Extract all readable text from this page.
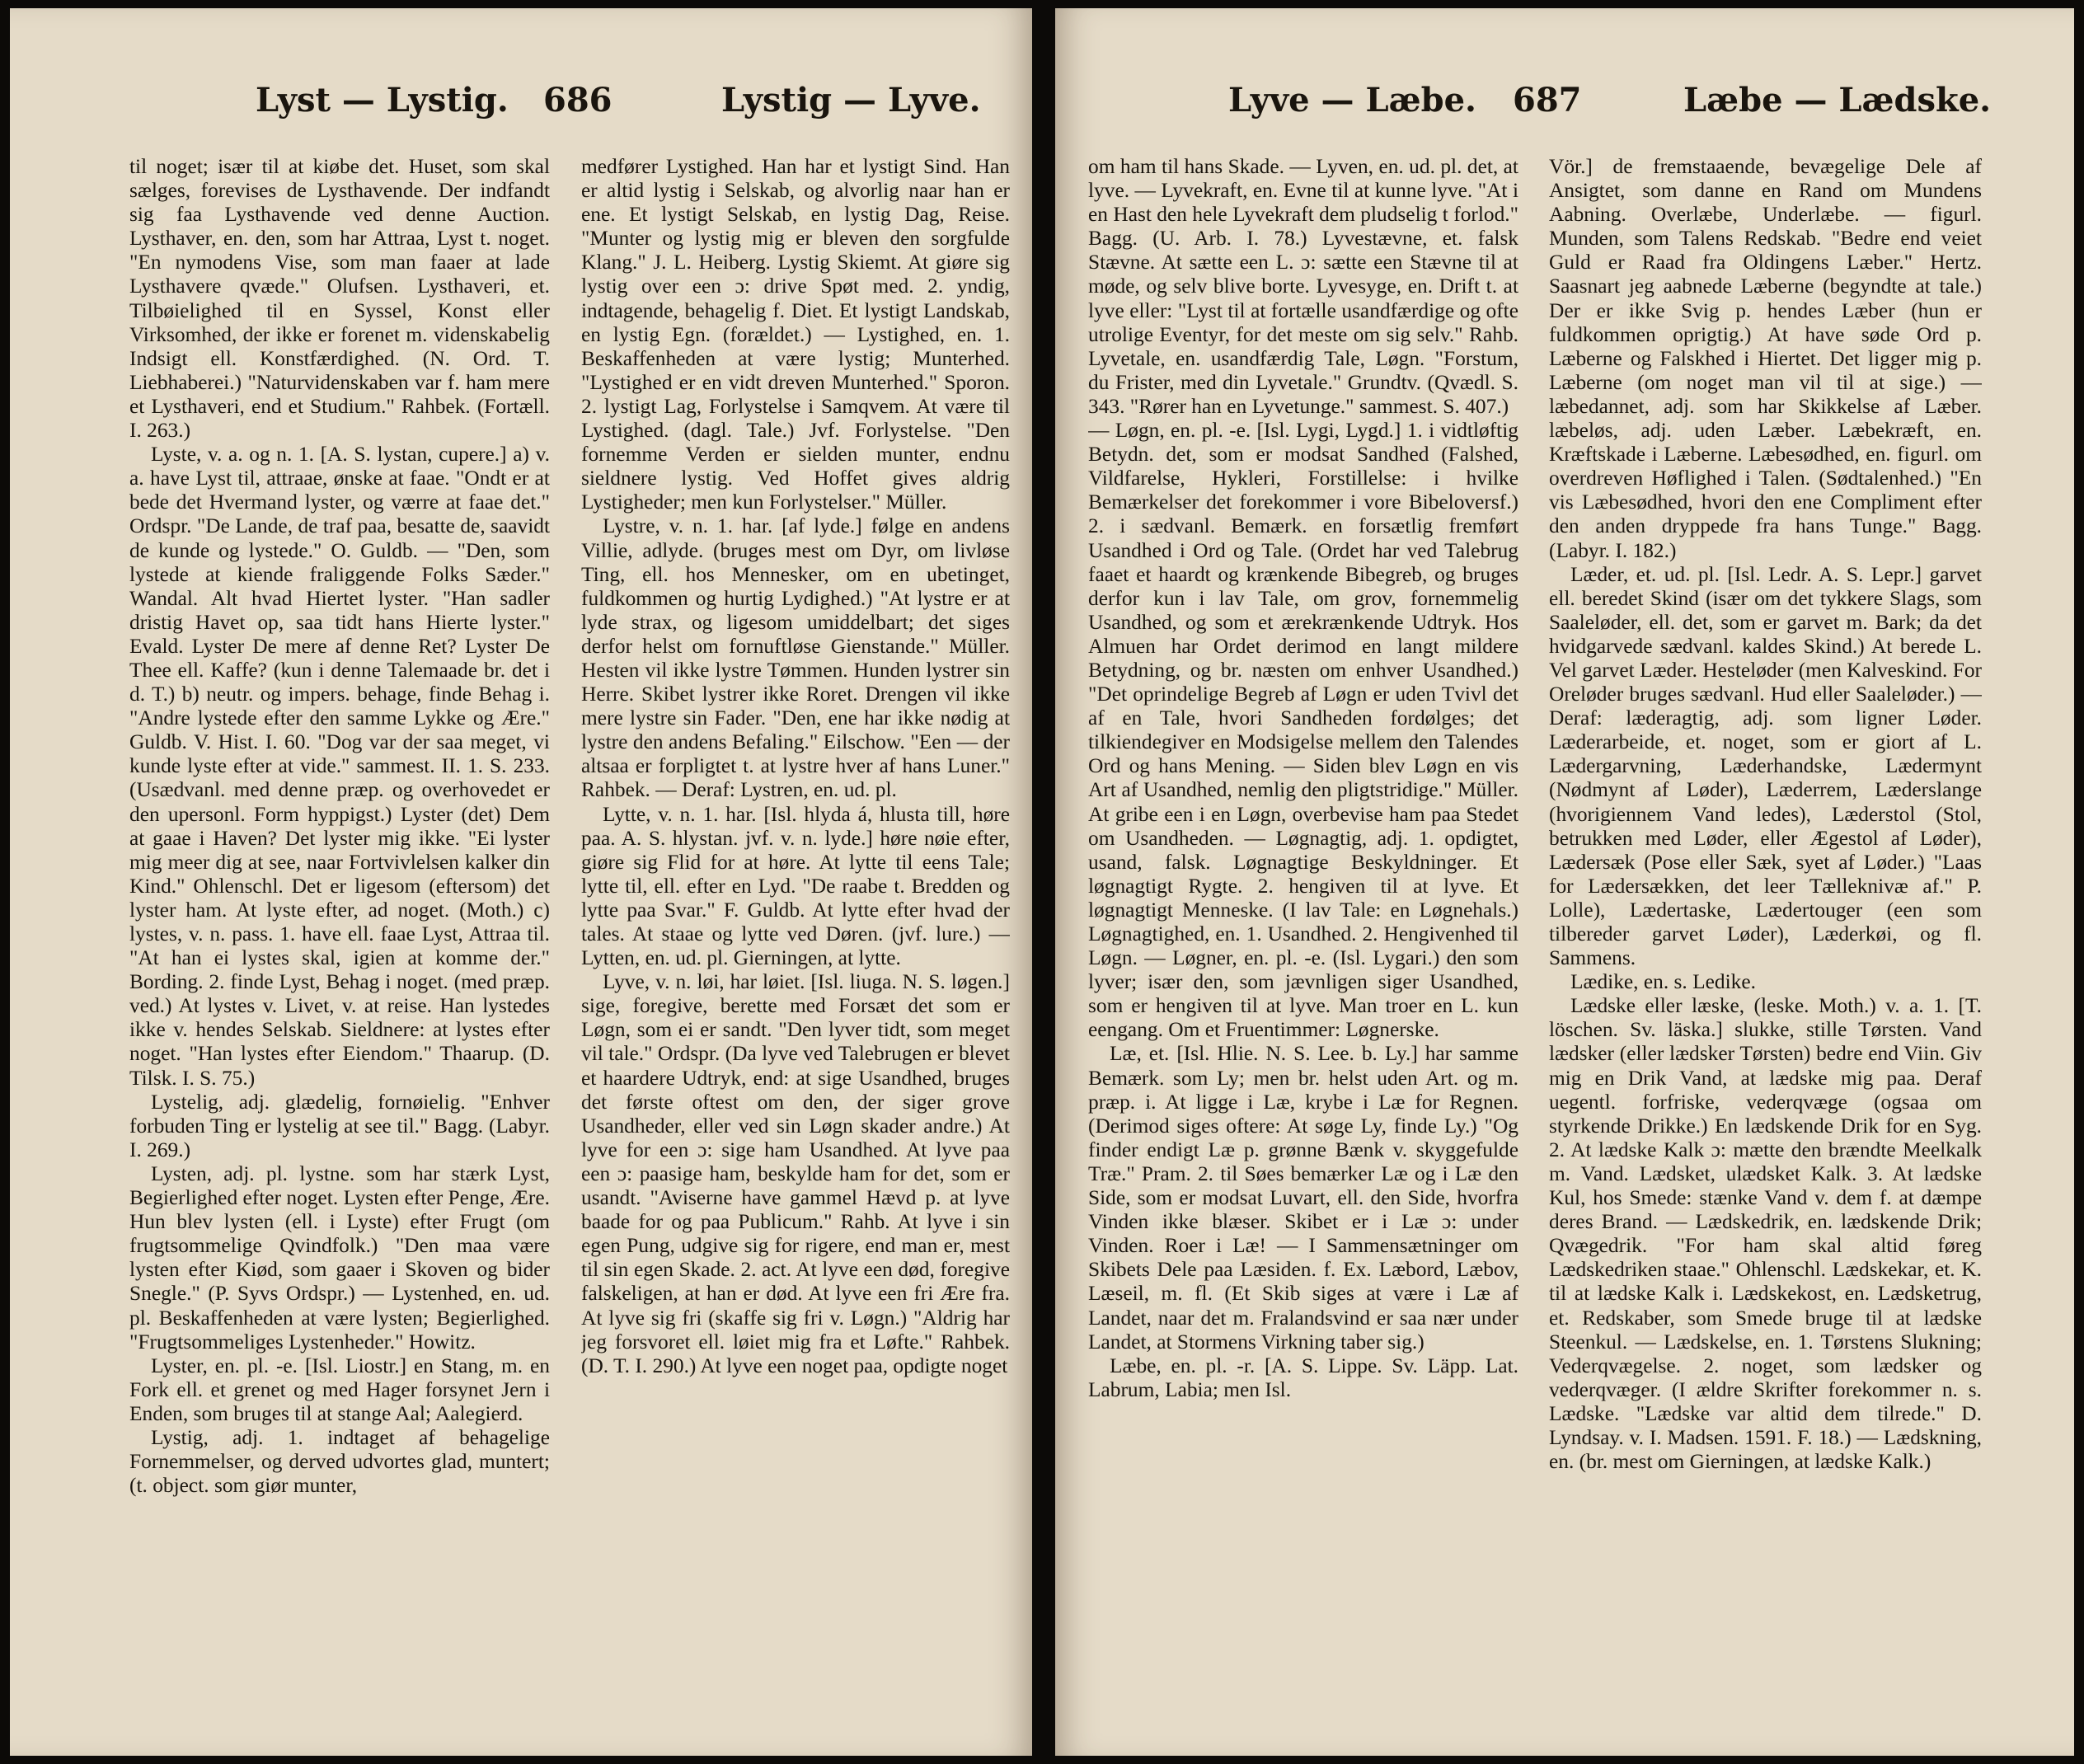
Lyst — Lystig. 686	Lystig — Lyve.

til noget; især til at kiøbe det. Huset, som skal sælges, forevises de Lysthavende. Der indfandt sig faa Lysthavende ved denne Auction. Lysthaver, en. den, som har Attraa, Lyst t. noget. "En nymodens Vise, som man faaer at lade Lysthavere qvæde." Olufsen. Lysthaveri, et. Tilbøielighed til en Syssel, Konst eller Virksomhed, der ikke er forenet m. videnskabelig Indsigt ell. Konstfærdighed. (N. Ord. T. Liebhaberei.) "Naturvidenskaben var f. ham mere et Lysthaveri, end et Studium." Rahbek. (Fortæll. I. 263.)

Lyste, v. a. og n. 1. [A. S. lystan, cupere.] a) v. a. have Lyst til, attraae, ønske at faae. "Ondt er at bede det Hvermand lyster, og værre at faae det." Ordspr. "De Lande, de traf paa, besatte de, saavidt de kunde og lystede." O. Guldb. — "Den, som lystede at kiende fraliggende Folks Sæder." Wandal. Alt hvad Hiertet lyster. "Han sadler dristig Havet op, saa tidt hans Hierte lyster." Evald. Lyster De mere af denne Ret? Lyster De Thee ell. Kaffe? (kun i denne Talemaade br. det i d. T.) b) neutr. og impers. behage, finde Behag i. "Andre lystede efter den samme Lykke og Ære." Guldb. V. Hist. I. 60. "Dog var der saa meget, vi kunde lyste efter at vide." sammest. II. 1. S. 233. (Usædvanl. med denne præp. og overhovedet er den upersonl. Form hyppigst.) Lyster (det) Dem at gaae i Haven? Det lyster mig ikke. "Ei lyster mig meer dig at see, naar Fortvivlelsen kalker din Kind." Ohlenschl. Det er ligesom (eftersom) det lyster ham. At lyste efter, ad noget. (Moth.) c) lystes, v. n. pass. 1. have ell. faae Lyst, Attraa til. "At han ei lystes skal, igien at komme der." Bording. 2. finde Lyst, Behag i noget. (med præp. ved.) At lystes v. Livet, v. at reise. Han lystedes ikke v. hendes Selskab. Sieldnere: at lystes efter noget. "Han lystes efter Eiendom." Thaarup. (D. Tilsk. I. S. 75.)

Lystelig, adj. glædelig, fornøielig. "Enhver forbuden Ting er lystelig at see til." Bagg. (Labyr. I. 269.)

Lysten, adj. pl. lystne. som har stærk Lyst, Begierlighed efter noget. Lysten efter Penge, Ære. Hun blev lysten (ell. i Lyste) efter Frugt (om frugtsommelige Qvindfolk.) "Den maa være lysten efter Kiød, som gaaer i Skoven og bider Snegle." (P. Syvs Ordspr.) — Lystenhed, en. ud. pl. Beskaffenheden at være lysten; Begierlighed. "Frugtsommeliges Lystenheder." Howitz.

Lyster, en. pl. -e. [Isl. Liostr.] en Stang, m. en Fork ell. et grenet og med Hager forsynet Jern i Enden, som bruges til at stange Aal; Aalegierd.

Lystig, adj. 1. indtaget af behagelige Fornemmelser, og derved udvortes glad, muntert; (t. object. som giør munter,

medfører Lystighed. Han har et lystigt Sind. Han er altid lystig i Selskab, og alvorlig naar han er ene. Et lystigt Selskab, en lystig Dag, Reise. "Munter og lystig mig er bleven den sorgfulde Klang." J. L. Heiberg. Lystig Skiemt. At giøre sig lystig over een ɔ: drive Spøt med. 2. yndig, indtagende, behagelig f. Diet. Et lystigt Landskab, en lystig Egn. (forældet.) — Lystighed, en. 1. Beskaffenheden at være lystig; Munterhed. "Lystighed er en vidt dreven Munterhed." Sporon. 2. lystigt Lag, Forlystelse i Samqvem. At være til Lystighed. (dagl. Tale.) Jvf. Forlystelse. "Den fornemme Verden er sielden munter, endnu sieldnere lystig. Ved Hoffet gives aldrig Lystigheder; men kun Forlystelser." Müller.

Lystre, v. n. 1. har. [af lyde.] følge en andens Villie, adlyde. (bruges mest om Dyr, om livløse Ting, ell. hos Mennesker, om en ubetinget, fuldkommen og hurtig Lydighed.) "At lystre er at lyde strax, og ligesom umiddelbart; det siges derfor helst om fornuftløse Gienstande." Müller. Hesten vil ikke lystre Tømmen. Hunden lystrer sin Herre. Skibet lystrer ikke Roret. Drengen vil ikke mere lystre sin Fader. "Den, ene har ikke nødig at lystre den andens Befaling." Eilschow. "Een — der altsaa er forpligtet t. at lystre hver af hans Luner." Rahbek. — Deraf: Lystren, en. ud. pl.

Lytte, v. n. 1. har. [Isl. hlyda á, hlusta till, høre paa. A. S. hlystan. jvf. v. n. lyde.] høre nøie efter, giøre sig Flid for at høre. At lytte til eens Tale; lytte til, ell. efter en Lyd. "De raabe t. Bredden og lytte paa Svar." F. Guldb. At lytte efter hvad der tales. At staae og lytte ved Døren. (jvf. lure.) — Lytten, en. ud. pl. Gierningen, at lytte.

Lyve, v. n. løi, har løiet. [Isl. liuga. N. S. løgen.] sige, foregive, berette med Forsæt det som er Løgn, som ei er sandt. "Den lyver tidt, som meget vil tale." Ordspr. (Da lyve ved Talebrugen er blevet et haardere Udtryk, end: at sige Usandhed, bruges det første oftest om den, der siger grove Usandheder, eller ved sin Løgn skader andre.) At lyve for een ɔ: sige ham Usandhed. At lyve paa een ɔ: paasige ham, beskylde ham for det, som er usandt. "Aviserne have gammel Hævd p. at lyve baade for og paa Publicum." Rahb. At lyve i sin egen Pung, udgive sig for rigere, end man er, mest til sin egen Skade. 2. act. At lyve een død, foregive falskeligen, at han er død. At lyve een fri Ære fra. At lyve sig fri (skaffe sig fri v. Løgn.) "Aldrig har jeg forsvoret ell. løiet mig fra et Løfte." Rahbek. (D. T. I. 290.) At lyve een noget paa, opdigte noget

Lyve — Læbe. 687	Læbe — Lædske.

om ham til hans Skade. — Lyven, en. ud. pl. det, at lyve. — Lyvekraft, en. Evne til at kunne lyve. "At i en Hast den hele Lyvekraft dem pludselig t forlod." Bagg. (U. Arb. I. 78.) Lyvestævne, et. falsk Stævne. At sætte een L. ɔ: sætte een Stævne til at møde, og selv blive borte. Lyvesyge, en. Drift t. at lyve eller: "Lyst til at fortælle usandfærdige og ofte utrolige Eventyr, for det meste om sig selv." Rahb. Lyvetale, en. usandfærdig Tale, Løgn. "Forstum, du Frister, med din Lyvetale." Grundtv. (Qvædl. S. 343. "Rører han en Lyvetunge." sammest. S. 407.)

— Løgn, en. pl. -e. [Isl. Lygi, Lygd.] 1. i vidtløftig Betydn. det, som er modsat Sandhed (Falshed, Vildfarelse, Hykleri, Forstillelse: i hvilke Bemærkelser det forekommer i vore Bibeloversf.) 2. i sædvanl. Bemærk. en forsætlig fremført Usandhed i Ord og Tale. (Ordet har ved Talebrug faaet et haardt og krænkende Bibegreb, og bruges derfor kun i lav Tale, om grov, fornemmelig Usandhed, og som et ærekrænkende Udtryk. Hos Almuen har Ordet derimod en langt mildere Betydning, og br. næsten om enhver Usandhed.) "Det oprindelige Begreb af Løgn er uden Tvivl det af en Tale, hvori Sandheden fordølges; det tilkiendegiver en Modsigelse mellem den Talendes Ord og hans Mening. — Siden blev Løgn en vis Art af Usandhed, nemlig den pligtstridige." Müller. At gribe een i en Løgn, overbevise ham paa Stedet om Usandheden. — Løgnagtig, adj. 1. opdigtet, usand, falsk. Løgnagtige Beskyldninger. Et løgnagtigt Rygte. 2. hengiven til at lyve. Et løgnagtigt Menneske. (I lav Tale: en Løgnehals.) Løgnagtighed, en. 1. Usandhed. 2. Hengivenhed til Løgn. — Løgner, en. pl. -e. (Isl. Lygari.) den som lyver; især den, som jævnligen siger Usandhed, som er hengiven til at lyve. Man troer en L. kun eengang. Om et Fruentimmer: Løgnerske.

Læ, et. [Isl. Hlie. N. S. Lee. b. Ly.] har samme Bemærk. som Ly; men br. helst uden Art. og m. præp. i. At ligge i Læ, krybe i Læ for Regnen. (Derimod siges oftere: At søge Ly, finde Ly.) "Og finder endigt Læ p. grønne Bænk v. skyggefulde Træ." Pram. 2. til Søes bemærker Læ og i Læ den Side, som er modsat Luvart, ell. den Side, hvorfra Vinden ikke blæser. Skibet er i Læ ɔ: under Vinden. Roer i Læ! — I Sammensætninger om Skibets Dele paa Læsiden. f. Ex. Læbord, Læbov, Læseil, m. fl. (Et Skib siges at være i Læ af Landet, naar det m. Fralandsvind er saa nær under Landet, at Stormens Virkning taber sig.)

Læbe, en. pl. -r. [A. S. Lippe. Sv. Läpp. Lat. Labrum, Labia; men Isl.

Vör.] de fremstaaende, bevægelige Dele af Ansigtet, som danne en Rand om Mundens Aabning. Overlæbe, Underlæbe. — figurl. Munden, som Talens Redskab. "Bedre end veiet Guld er Raad fra Oldingens Læber." Hertz. Saasnart jeg aabnede Læberne (begyndte at tale.) Der er ikke Svig p. hendes Læber (hun er fuldkommen oprigtig.) At have søde Ord p. Læberne og Falskhed i Hiertet. Det ligger mig p. Læberne (om noget man vil til at sige.) — læbedannet, adj. som har Skikkelse af Læber. læbeløs, adj. uden Læber. Læbekræft, en. Kræftskade i Læberne. Læbesødhed, en. figurl. om overdreven Høflighed i Talen. (Sødtalenhed.) "En vis Læbesødhed, hvori den ene Compliment efter den anden dryppede fra hans Tunge." Bagg. (Labyr. I. 182.)

Læder, et. ud. pl. [Isl. Ledr. A. S. Lepr.] garvet ell. beredet Skind (især om det tykkere Slags, som Saaleløder, ell. det, som er garvet m. Bark; da det hvidgarvede sædvanl. kaldes Skind.) At berede L. Vel garvet Læder. Hesteløder (men Kalveskind. For Oreløder bruges sædvanl. Hud eller Saaleløder.) — Deraf: læderagtig, adj. som ligner Løder. Læderarbeide, et. noget, som er giort af L. Lædergarvning, Læderhandske, Lædermynt (Nødmynt af Løder), Læderrem, Læderslange (hvorigiennem Vand ledes), Læderstol (Stol, betrukken med Løder, eller Ægestol af Løder), Lædersæk (Pose eller Sæk, syet af Løder.) "Laas for Lædersækken, det leer Tælleknivæ af." P. Lolle), Lædertaske, Lædertouger (een som tilbereder garvet Løder), Læderkøi, og fl. Sammens.

Lædike, en. s. Ledike.

Lædske eller læske, (leske. Moth.) v. a. 1. [T. löschen. Sv. läska.] slukke, stille Tørsten. Vand lædsker (eller lædsker Tørsten) bedre end Viin. Giv mig en Drik Vand, at lædske mig paa. Deraf uegentl. forfriske, vederqvæge (ogsaa om styrkende Drikke.) En lædskende Drik for en Syg. 2. At lædske Kalk ɔ: mætte den brændte Meelkalk m. Vand. Lædsket, ulædsket Kalk. 3. At lædske Kul, hos Smede: stænke Vand v. dem f. at dæmpe deres Brand. — Lædskedrik, en. lædskende Drik; Qvægedrik. "For ham skal altid føreg Lædskedriken staae." Ohlenschl. Lædskekar, et. K. til at lædske Kalk i. Lædskekost, en. Lædsketrug, et. Redskaber, som Smede bruge til at lædske Steenkul. — Lædskelse, en. 1. Tørstens Slukning; Vederqvægelse. 2. noget, som lædsker og vederqvæger. (I ældre Skrifter forekommer n. s. Lædske. "Lædske var altid dem tilrede." D. Lyndsay. v. I. Madsen. 1591. F. 18.) — Lædskning, en. (br. mest om Gierningen, at lædske Kalk.)
